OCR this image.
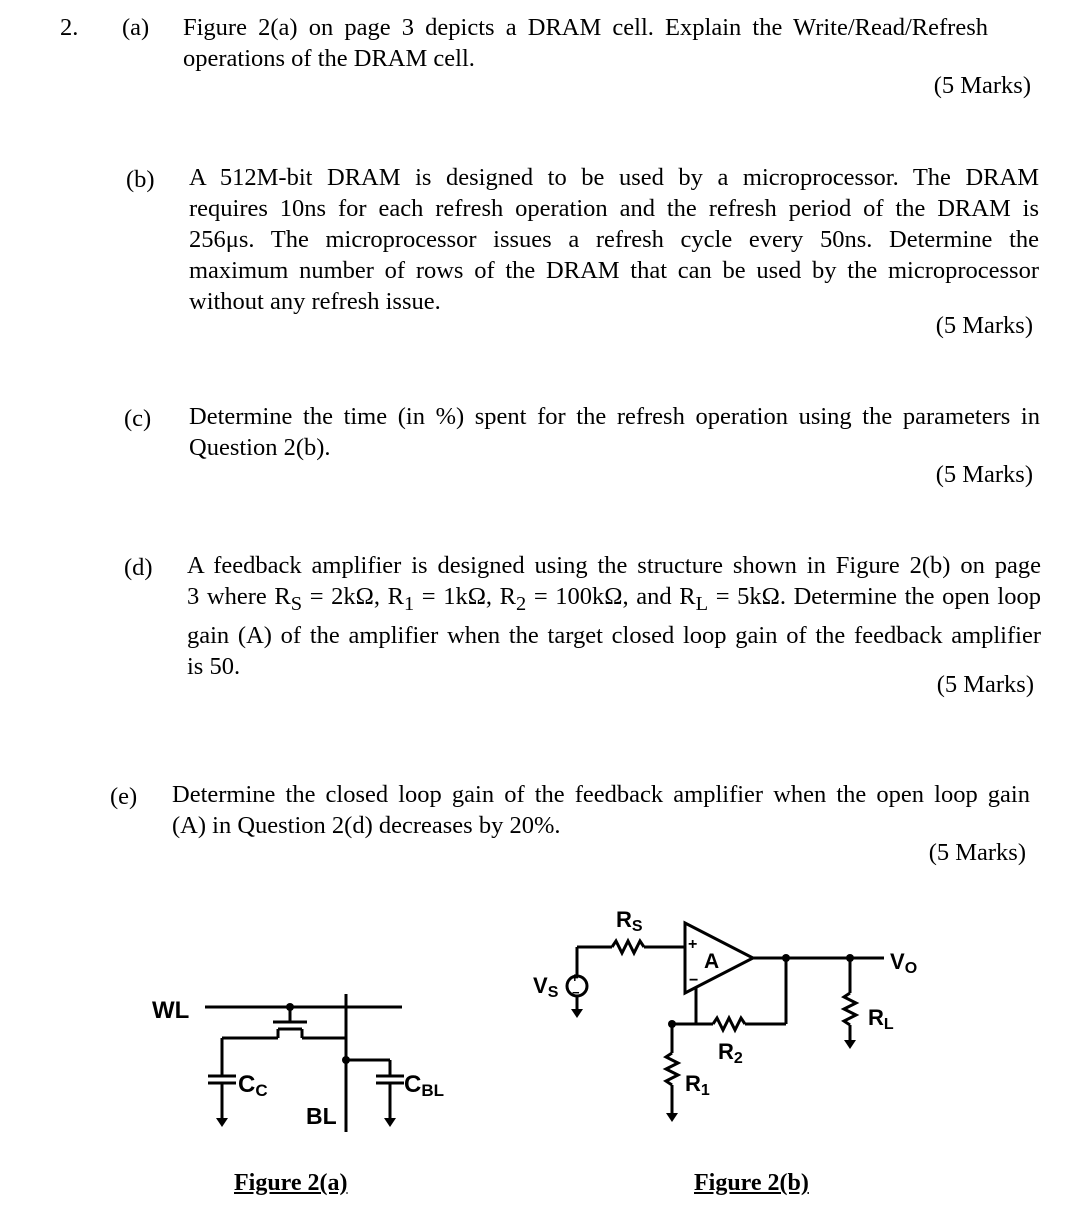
2. (a) Figure 2(a) on page 3 depicts a DRAM cell. Explain the Write/Read/Refresh
operations of the DRAM cell.
(5 Marks)
(b) A 512M-bit DRAM is designed to be used by a microprocessor. The DRAM
requires 10ns for each refresh operation and the refresh period of the DRAM is
256μs. The microprocessor issues a refresh cycle every 50ns. Determine the
maximum number of rows of the DRAM that can be used by the microprocessor
without any refresh issue.
(5 Marks)
(c) Determine the time (in %) spent for the refresh operation using the parameters in
Question 2(b).
(5 Marks)
(d) A feedback amplifier is designed using the structure shown in Figure 2(b) on page
3 where $R_S = 2k\Omega$, $R_1 = 1k\Omega$, $R_2 = 100k\Omega$, and $R_L = 5k\Omega$. Determine the open loop
gain (A) of the amplifier when the target closed loop gain of the feedback amplifier
is 50.
(5 Marks)
(e) Determine the closed loop gain of the feedback amplifier when the open loop gain
(A) in Question 2(d) decreases by 20%.
(5 Marks)
WL
CC
BL
CBL
Figure 2(a)
+
−
+
−
A
RS
VS
R2
R1
VO
RL
Figure 2(b)
